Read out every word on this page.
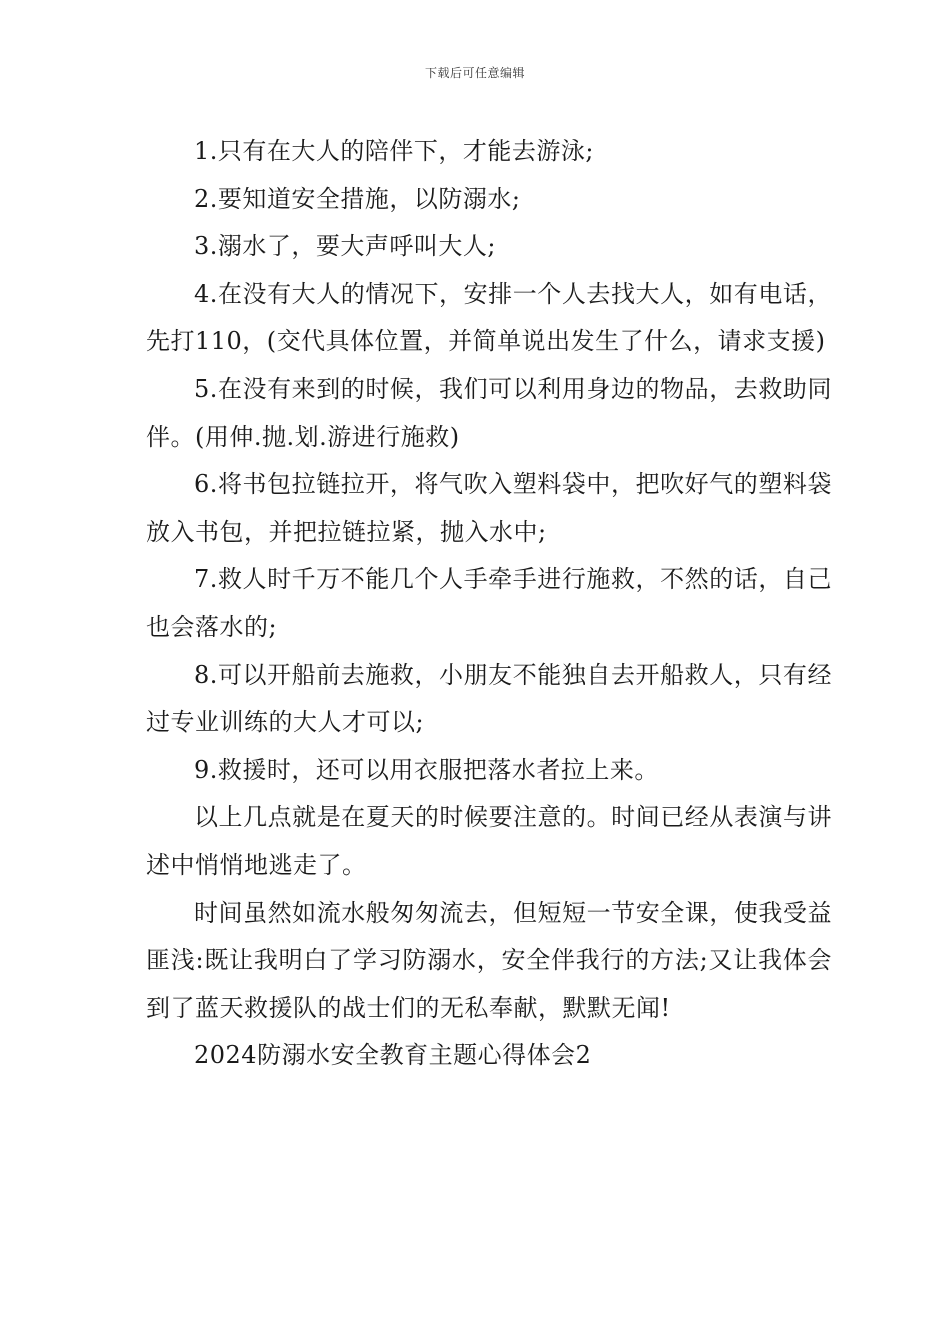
下载后可任意编辑

1.只有在大人的陪伴下，才能去游泳;

2.要知道安全措施，以防溺水;

3.溺水了，要大声呼叫大人;

4.在没有大人的情况下，安排一个人去找大人，如有电话，先打110，(交代具体位置，并简单说出发生了什么，请求支援)

5.在没有来到的时候，我们可以利用身边的物品，去救助同伴。(用伸.抛.划.游进行施救)

6.将书包拉链拉开，将气吹入塑料袋中，把吹好气的塑料袋放入书包，并把拉链拉紧，抛入水中;

7.救人时千万不能几个人手牵手进行施救，不然的话，自己也会落水的;

8.可以开船前去施救，小朋友不能独自去开船救人，只有经过专业训练的大人才可以;

9.救援时，还可以用衣服把落水者拉上来。

以上几点就是在夏天的时候要注意的。时间已经从表演与讲述中悄悄地逃走了。

时间虽然如流水般匆匆流去，但短短一节安全课，使我受益匪浅:既让我明白了学习防溺水，安全伴我行的方法;又让我体会到了蓝天救援队的战士们的无私奉献，默默无闻!

2024防溺水安全教育主题心得体会2
